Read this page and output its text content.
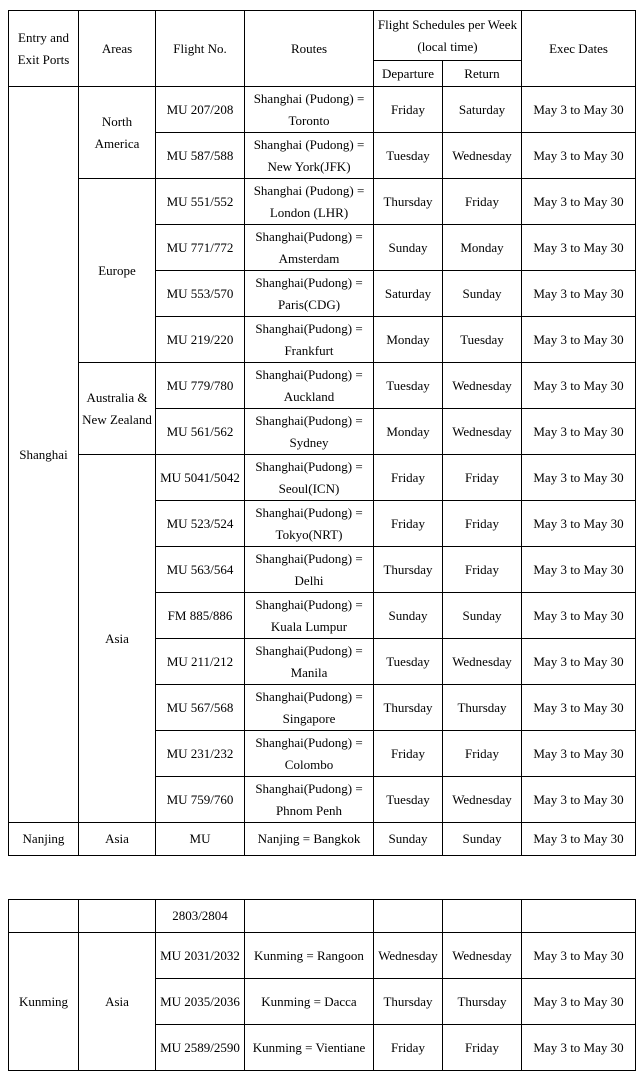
Entry and Exit Ports	Areas	Flight No.	Routes	Flight Schedules per Week (local time)		Exec Dates
				Departure	Return	
Shanghai	North America	MU 207/208	Shanghai (Pudong) = Toronto	Friday	Saturday	May 3 to May 30
		MU 587/588	Shanghai (Pudong) = New York(JFK)	Tuesday	Wednesday	May 3 to May 30
	Europe	MU 551/552	Shanghai (Pudong) = London (LHR)	Thursday	Friday	May 3 to May 30
		MU 771/772	Shanghai(Pudong) = Amsterdam	Sunday	Monday	May 3 to May 30
		MU 553/570	Shanghai(Pudong) = Paris(CDG)	Saturday	Sunday	May 3 to May 30
		MU 219/220	Shanghai(Pudong) = Frankfurt	Monday	Tuesday	May 3 to May 30
	Australia & New Zealand	MU 779/780	Shanghai(Pudong) = Auckland	Tuesday	Wednesday	May 3 to May 30
		MU 561/562	Shanghai(Pudong) = Sydney	Monday	Wednesday	May 3 to May 30
	Asia	MU 5041/5042	Shanghai(Pudong) = Seoul(ICN)	Friday	Friday	May 3 to May 30
		MU 523/524	Shanghai(Pudong) = Tokyo(NRT)	Friday	Friday	May 3 to May 30
		MU 563/564	Shanghai(Pudong) = Delhi	Thursday	Friday	May 3 to May 30
		FM 885/886	Shanghai(Pudong) = Kuala Lumpur	Sunday	Sunday	May 3 to May 30
		MU 211/212	Shanghai(Pudong) = Manila	Tuesday	Wednesday	May 3 to May 30
		MU 567/568	Shanghai(Pudong) = Singapore	Thursday	Thursday	May 3 to May 30
		MU 231/232	Shanghai(Pudong) = Colombo	Friday	Friday	May 3 to May 30
		MU 759/760	Shanghai(Pudong) = Phnom Penh	Tuesday	Wednesday	May 3 to May 30
Nanjing	Asia	MU	Nanjing = Bangkok	Sunday	Sunday	May 3 to May 30
		2803/2804				
Kunming	Asia	MU 2031/2032	Kunming = Rangoon	Wednesday	Wednesday	May 3 to May 30
		MU 2035/2036	Kunming = Dacca	Thursday	Thursday	May 3 to May 30
		MU 2589/2590	Kunming = Vientiane	Friday	Friday	May 3 to May 30
